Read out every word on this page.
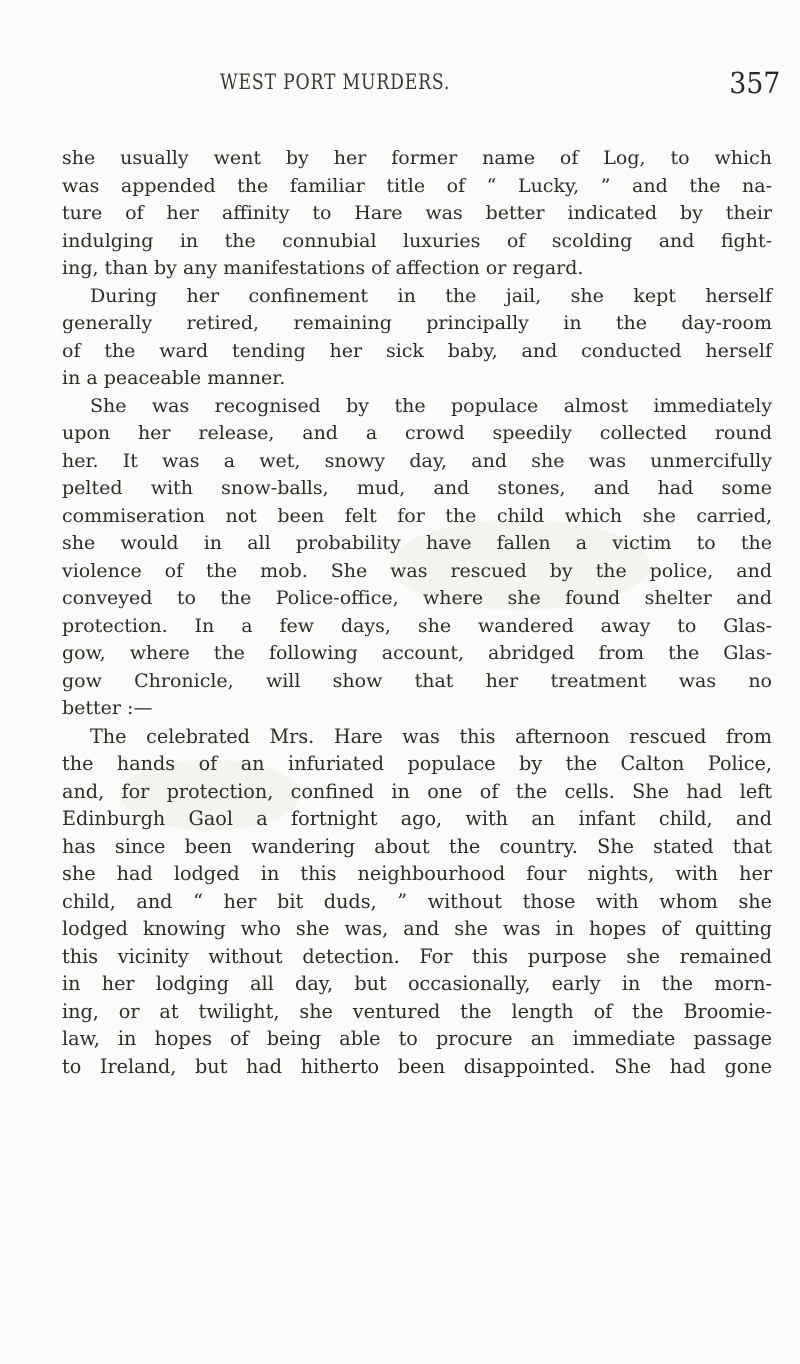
WEST PORT MURDERS.	357
she usually went by her former name of Log, to which
was appended the familiar title of “ Lucky, ” and the na-
ture of her affinity to Hare was better indicated by their
indulging in the connubial luxuries of scolding and fight-
ing, than by any manifestations of affection or regard.
During her confinement in the jail, she kept herself
generally retired, remaining principally in the day-room
of the ward tending her sick baby, and conducted herself
in a peaceable manner.
She was recognised by the populace almost immediately
upon her release, and a crowd speedily collected round
her. It was a wet, snowy day, and she was unmercifully
pelted with snow-balls, mud, and stones, and had some
commiseration not been felt for the child which she carried,
she would in all probability have fallen a victim to the
violence of the mob. She was rescued by the police, and
conveyed to the Police-office, where she found shelter and
protection. In a few days, she wandered away to Glas-
gow, where the following account, abridged from the Glas-
gow Chronicle, will show that her treatment was no
better :—
The celebrated Mrs. Hare was this afternoon rescued from
the hands of an infuriated populace by the Calton Police,
and, for protection, confined in one of the cells. She had left
Edinburgh Gaol a fortnight ago, with an infant child, and
has since been wandering about the country. She stated that
she had lodged in this neighbourhood four nights, with her
child, and “ her bit duds, ” without those with whom she
lodged knowing who she was, and she was in hopes of quitting
this vicinity without detection. For this purpose she remained
in her lodging all day, but occasionally, early in the morn-
ing, or at twilight, she ventured the length of the Broomie-
law, in hopes of being able to procure an immediate passage
to Ireland, but had hitherto been disappointed. She had gone
